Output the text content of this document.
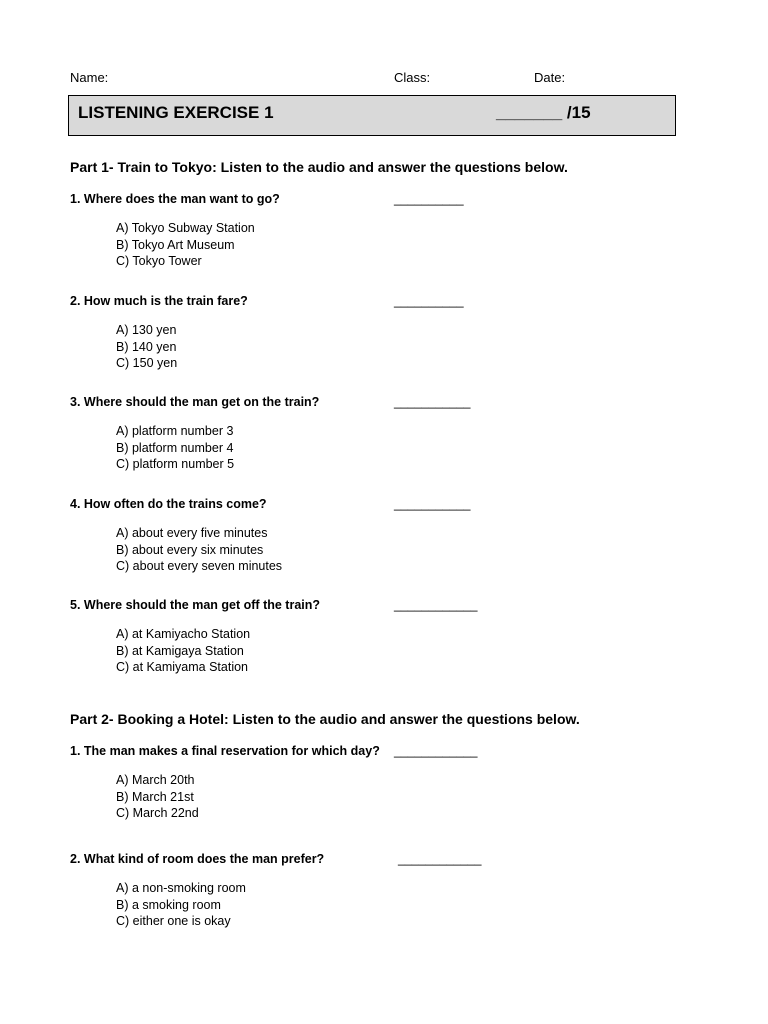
Name:	Class:	Date:
LISTENING EXERCISE 1	_______ /15
Part 1- Train to Tokyo: Listen to the audio and answer the questions below.
1. Where does the man want to go?	__________
A) Tokyo Subway Station
B) Tokyo Art Museum
C) Tokyo Tower
2. How much is the train fare?	__________
A) 130 yen
B) 140 yen
C) 150 yen
3. Where should the man get on the train?	___________
A) platform number 3
B) platform number 4
C) platform number 5
4. How often do the trains come?	___________
A) about every five minutes
B) about every six minutes
C) about every seven minutes
5. Where should the man get off the train?	____________
A) at Kamiyacho Station
B) at Kamigaya Station
C) at Kamiyama Station
Part 2- Booking a Hotel: Listen to the audio and answer the questions below.
1. The man makes a final reservation for which day? ____________
A) March 20th
B) March 21st
C) March 22nd
2. What kind of room does the man prefer?	____________
A) a non-smoking room
B) a smoking room
C) either one is okay
